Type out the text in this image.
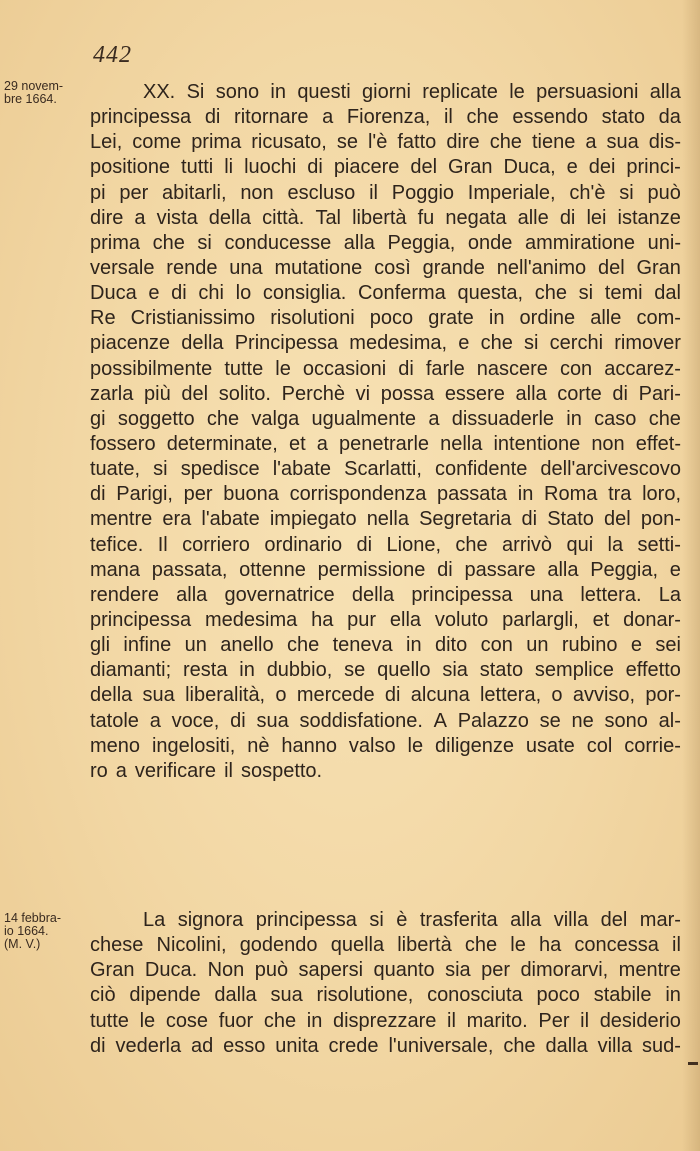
442
29 novem-
bre 1664.
14 febbra-
io 1664.
(M. V.)
XX. Si sono in questi giorni replicate le persuasioni alla
principessa di ritornare a Fiorenza, il che essendo stato da
Lei, come prima ricusato, se l'è fatto dire che tiene a sua dis-
positione tutti li luochi di piacere del Gran Duca, e dei princi-
pi per abitarli, non escluso il Poggio Imperiale, ch'è si può
dire a vista della città. Tal libertà fu negata alle di lei istanze
prima che si conducesse alla Peggia, onde ammiratione uni-
versale rende una mutatione così grande nell'animo del Gran
Duca e di chi lo consiglia. Conferma questa, che si temi dal
Re Cristianissimo risolutioni poco grate in ordine alle com-
piacenze della Principessa medesima, e che si cerchi rimover
possibilmente tutte le occasioni di farle nascere con accarez-
zarla più del solito. Perchè vi possa essere alla corte di Pari-
gi soggetto che valga ugualmente a dissuaderle in caso che
fossero determinate, et a penetrarle nella intentione non effet-
tuate, si spedisce l'abate Scarlatti, confidente dell'arcivescovo
di Parigi, per buona corrispondenza passata in Roma tra loro,
mentre era l'abate impiegato nella Segretaria di Stato del pon-
tefice. Il corriero ordinario di Lione, che arrivò qui la setti-
mana passata, ottenne permissione di passare alla Peggia, e
rendere alla governatrice della principessa una lettera. La
principessa medesima ha pur ella voluto parlargli, et donar-
gli infine un anello che teneva in dito con un rubino e sei
diamanti; resta in dubbio, se quello sia stato semplice effetto
della sua liberalità, o mercede di alcuna lettera, o avviso, por-
tatole a voce, di sua soddisfatione. A Palazzo se ne sono al-
meno ingelositi, nè hanno valso le diligenze usate col corrie-
ro a verificare il sospetto.
La signora principessa si è trasferita alla villa del mar-
chese Nicolini, godendo quella libertà che le ha concessa il
Gran Duca. Non può sapersi quanto sia per dimorarvi, mentre
ciò dipende dalla sua risolutione, conosciuta poco stabile in
tutte le cose fuor che in disprezzare il marito. Per il desiderio
di vederla ad esso unita crede l'universale, che dalla villa sud-
